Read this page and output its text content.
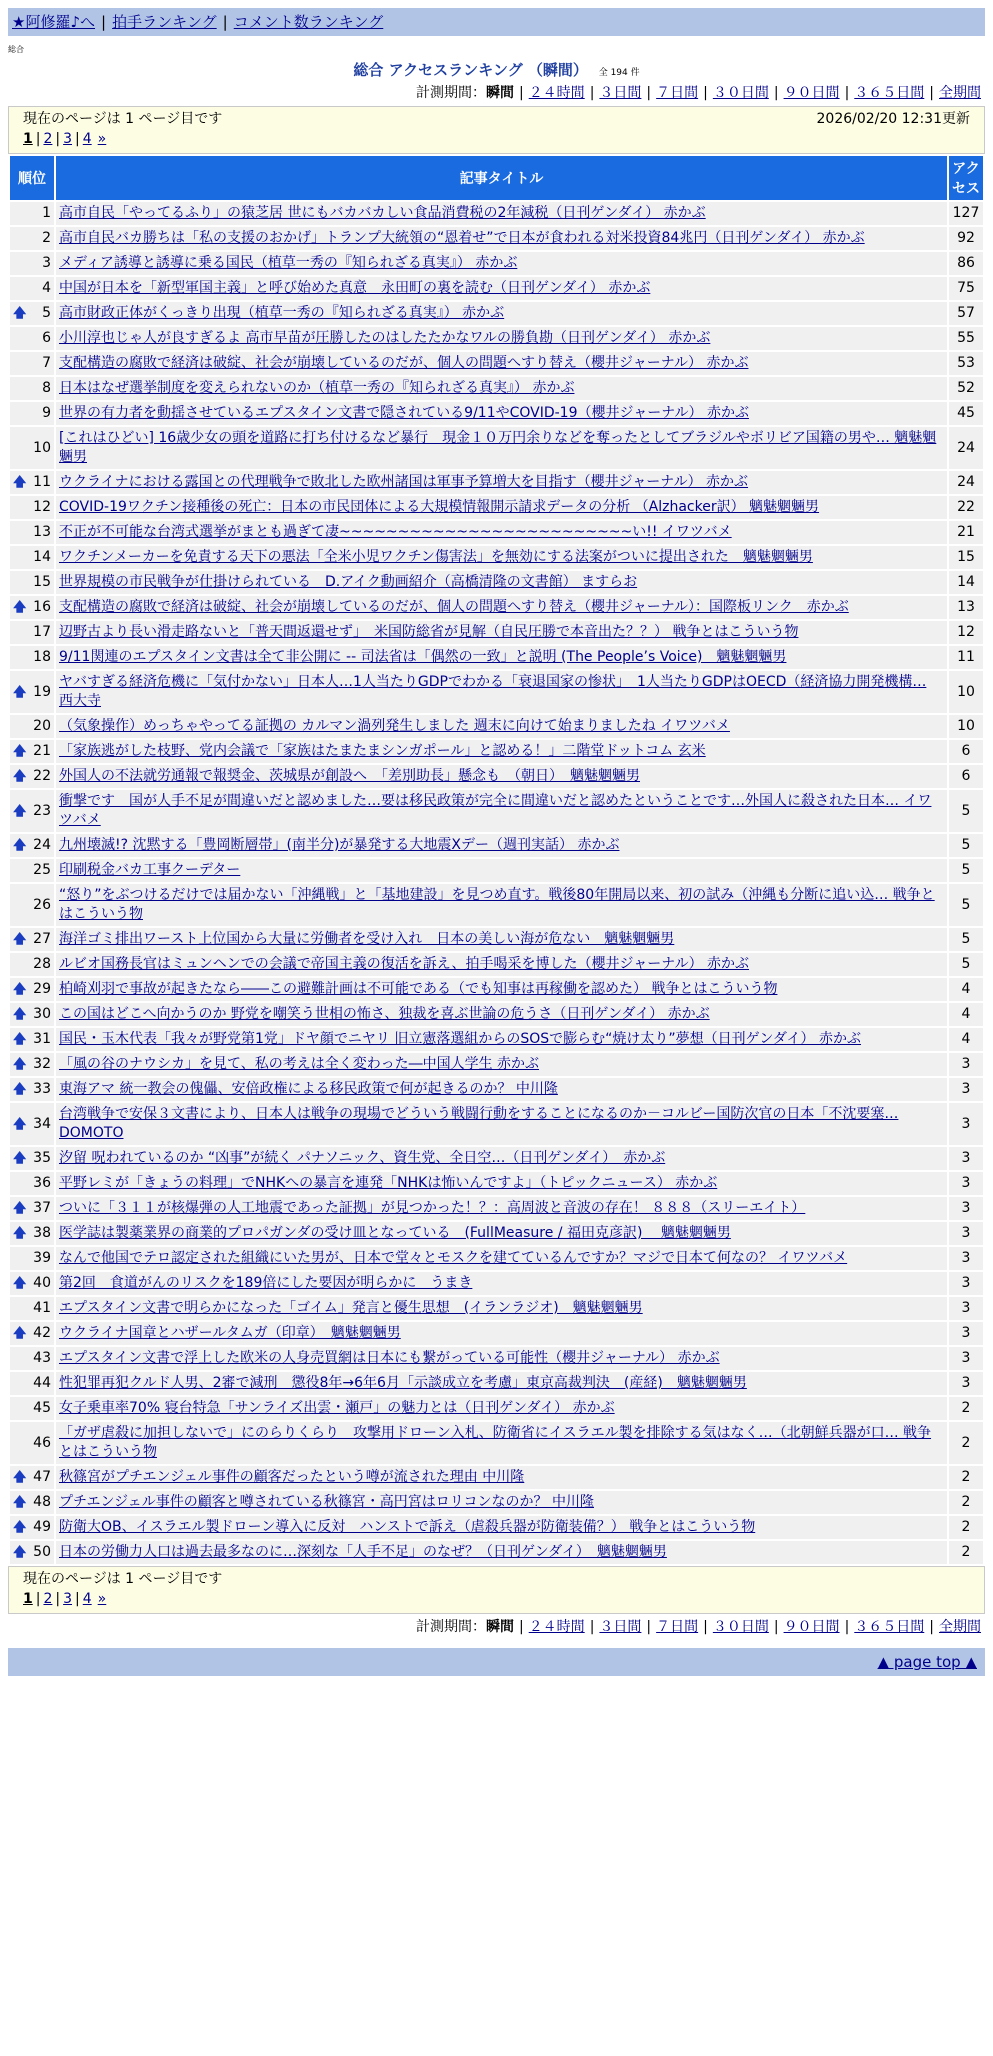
★阿修羅♪へ | 拍手ランキング | コメント数ランキング
総合
総合 アクセスランキング （瞬間） 全 194 件
計測期間：瞬間 | ２４時間 | ３日間 | ７日間 | ３０日間 | ９０日間 | ３６５日間 | 全期間
現在のページは 1 ページ目です	2026/02/20 12:31更新
1 | 2 | 3 | 4 »
順位	記事タイトル	アクセス
1	高市自民「やってるふり」の猿芝居 世にもバカバカしい食品消費税の2年減税（日刊ゲンダイ） 赤かぶ	127
2	高市自民バカ勝ちは「私の支援のおかげ」トランプ大統領の“恩着せ”で日本が食われる対米投資84兆円（日刊ゲンダイ） 赤かぶ	92
3	メディア誘導と誘導に乗る国民（植草一秀の『知られざる真実』） 赤かぶ	86
4	中国が日本を「新型軍国主義」と呼び始めた真意　永田町の裏を読む（日刊ゲンダイ） 赤かぶ	75

🡅 5	高市財政正体がくっきり出現（植草一秀の『知られざる真実』） 赤かぶ	57
6	小川淳也じゃ人が良すぎるよ 高市早苗が圧勝したのはしたたかなワルの勝負勘（日刊ゲンダイ） 赤かぶ	55
7	支配構造の腐敗で経済は破綻、社会が崩壊しているのだが、個人の問題へすり替え（櫻井ジャーナル） 赤かぶ	53
8	日本はなぜ選挙制度を変えられないのか（植草一秀の『知られざる真実』） 赤かぶ	52
9	世界の有力者を動揺させているエプスタイン文書で隠されている9/11やCOVID-19（櫻井ジャーナル） 赤かぶ	45
10	[これはひどい] 16歳少女の頭を道路に打ち付けるなど暴行　現金１０万円余りなどを奪ったとしてブラジルやボリビア国籍の男や… 魑魅魍魎男	24

🡅 11	ウクライナにおける露国との代理戦争で敗北した欧州諸国は軍事予算増大を目指す（櫻井ジャーナル） 赤かぶ	24
12	COVID-19ワクチン接種後の死亡：日本の市民団体による大規模情報開示請求データの分析 （Alzhacker訳） 魑魅魍魎男	22
13	不正が不可能な台湾式選挙がまとも過ぎて凄~~~~~~~~~~~~~~~~~~~~~~~~~い!! イワツバメ	21
14	ワクチンメーカーを免責する天下の悪法「全米小児ワクチン傷害法」を無効にする法案がついに提出された　魑魅魍魎男	15
15	世界規模の市民戦争が仕掛けられている　D.アイク動画紹介（高橋清隆の文書館） ますらお	14

🡅 16	支配構造の腐敗で経済は破綻、社会が崩壊しているのだが、個人の問題へすり替え（櫻井ジャーナル）：国際板リンク　赤かぶ	13
17	辺野古より長い滑走路ないと「普天間返還せず」　米国防総省が見解（自民圧勝で本音出た？？） 戦争とはこういう物	12
18	9/11関連のエプスタイン文書は全て非公開に -- 司法省は「偶然の一致」と説明 (The People’s Voice)　魑魅魍魎男	11

🡅 19	ヤバすぎる経済危機に「気付かない」日本人…1人当たりGDPでわかる「衰退国家の惨状」　1人当たりGDPはOECD（経済協力開発機構… 西大寺	10
20	（気象操作）めっちゃやってる証拠の カルマン渦列発生しました 週末に向けて始まりましたね イワツバメ	10

🡅 21	「家族逃がした枝野、党内会議で「家族はたまたまシンガポール」と認める！」二階堂ドットコム 玄米	6

🡅 22	外国人の不法就労通報で報奨金、茨城県が創設へ　「差別助長」懸念も　（朝日）　魑魅魍魎男	6

🡅 23	衝撃です　国が人手不足が間違いだと認めました…要は移民政策が完全に間違いだと認めたということです…外国人に殺された日本… イワツバメ	5

🡅 24	九州壊滅!? 沈黙する「豊岡断層帯」(南半分)が暴発する大地震Xデー（週刊実話） 赤かぶ	5
25	印刷税金バカ工事クーデター	5
26	“怒り”をぶつけるだけでは届かない「沖縄戦」と「基地建設」を見つめ直す。戦後80年開局以来、初の試み（沖縄も分断に追い込… 戦争とはこういう物	5

🡅 27	海洋ゴミ排出ワースト上位国から大量に労働者を受け入れ　日本の美しい海が危ない　魑魅魍魎男	5
28	ルビオ国務長官はミュンヘンでの会議で帝国主義の復活を訴え、拍手喝采を博した（櫻井ジャーナル） 赤かぶ	5

🡅 29	柏崎刈羽で事故が起きたなら――この避難計画は不可能である（でも知事は再稼働を認めた） 戦争とはこういう物	4

🡅 30	この国はどこへ向かうのか 野党を嘲笑う世相の怖さ、独裁を喜ぶ世論の危うさ（日刊ゲンダイ） 赤かぶ	4

🡅 31	国民・玉木代表「我々が野党第1党」ドヤ顔でニヤリ 旧立憲落選組からのSOSで膨らむ“焼け太り”夢想（日刊ゲンダイ） 赤かぶ	4

🡅 32	「風の谷のナウシカ」を見て、私の考えは全く変わった―中国人学生 赤かぶ	3

🡅 33	東海アマ 統一教会の傀儡、安倍政権による移民政策で何が起きるのか？ 中川隆	3

🡅 34	台湾戦争で安保３文書により、日本人は戦争の現場でどういう戦闘行動をすることになるのか－コルビー国防次官の日本「不沈要塞… DOMOTO	3

🡅 35	汐留 呪われているのか “凶事”が続く パナソニック、資生党、全日空…（日刊ゲンダイ）　赤かぶ	3
36	平野レミが「きょうの料理」でNHKへの暴言を連発「NHKは怖いんですよ」（トピックニュース） 赤かぶ	3

🡅 37	ついに「３１１が核爆弾の人工地震であった証拠」が見つかった！？：高周波と音波の存在！ ８８８（スリーエイト）	3

🡅 38	医学誌は製薬業界の商業的プロパガンダの受け皿となっている　(FullMeasure / 福田克彦訳)　 魑魅魍魎男	3
39	なんで他国でテロ認定された組織にいた男が、日本で堂々とモスクを建てているんですか？マジで日本て何なの？ イワツバメ	3

🡅 40	第2回　食道がんのリスクを189倍にした要因が明らかに　うまき	3
41	エプスタイン文書で明らかになった「ゴイム」発言と優生思想　(イランラジオ)　魑魅魍魎男	3

🡅 42	ウクライナ国章とハザールタムガ（印章）　魑魅魍魎男	3
43	エプスタイン文書で浮上した欧米の人身売買網は日本にも繋がっている可能性（櫻井ジャーナル） 赤かぶ	3
44	性犯罪再犯クルド人男、2審で減刑　懲役8年→6年6月「示談成立を考慮」東京高裁判決　(産経)　魑魅魍魎男	3
45	女子乗車率70% 寝台特急「サンライズ出雲・瀬戸」の魅力とは（日刊ゲンダイ） 赤かぶ	2
46	「ガザ虐殺に加担しないで」にのらりくらり　攻撃用ドローン入札、防衛省にイスラエル製を排除する気はなく…（北朝鮮兵器が口… 戦争とはこういう物	2

🡅 47	秋篠宮がプチエンジェル事件の顧客だったという噂が流された理由 中川隆	2

🡅 48	プチエンジェル事件の顧客と噂されている秋篠宮・高円宮はロリコンなのか？ 中川隆	2

🡅 49	防衛大OB、イスラエル製ドローン導入に反対　ハンストで訴え（虐殺兵器が防衛装備？） 戦争とはこういう物	2

🡅 50	日本の労働力人口は過去最多なのに…深刻な「人手不足」のなぜ？（日刊ゲンダイ）　魑魅魍魎男	2
現在のページは 1 ページ目です
1 | 2 | 3 | 4 »
計測期間：瞬間 | ２４時間 | ３日間 | ７日間 | ３０日間 | ９０日間 | ３６５日間 | 全期間
▲ page top ▲
